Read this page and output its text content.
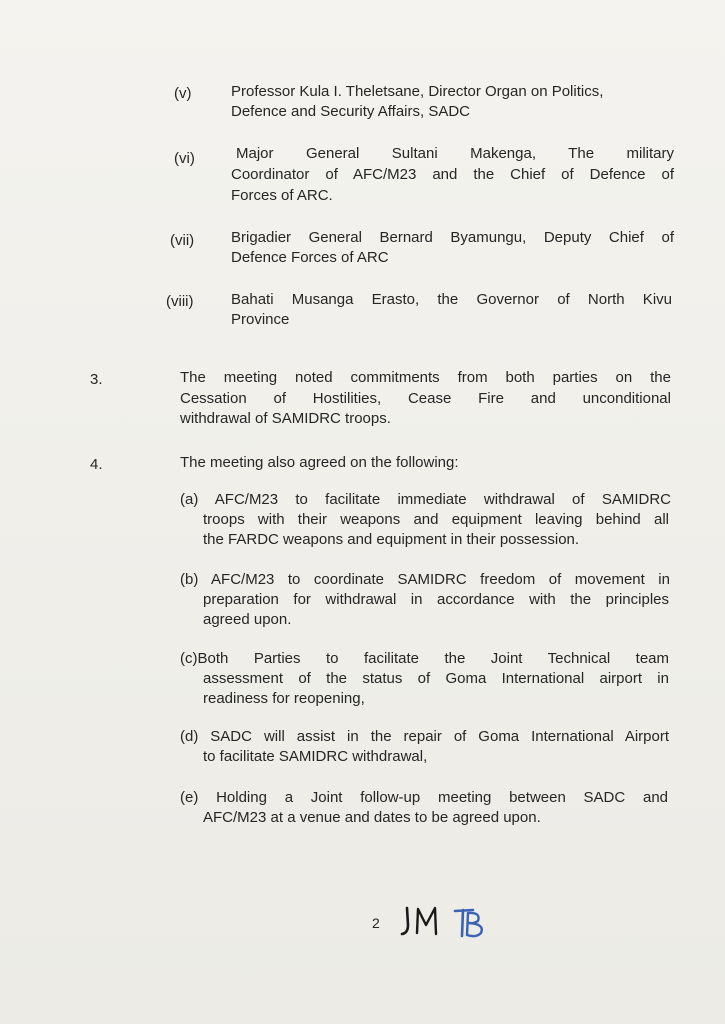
(v)	Professor Kula I. Theletsane, Director Organ on Politics,
Defence and Security Affairs, SADC
(vi)	Major General Sultani Makenga, The military
Coordinator of AFC/M23 and the Chief of Defence of
Forces of ARC.
(vii) Brigadier General Bernard Byamungu, Deputy Chief of
Defence Forces of ARC
(viii)	Bahati Musanga Erasto, the Governor of North Kivu
Province
3.	The meeting noted commitments from both parties on the
Cessation of Hostilities, Cease Fire and unconditional
withdrawal of SAMIDRC troops.
4.	The meeting also agreed on the following:
(a) AFC/M23 to facilitate immediate withdrawal of SAMIDRC
troops with their weapons and equipment leaving behind all
the FARDC weapons and equipment in their possession.
(b) AFC/M23 to coordinate SAMIDRC freedom of movement in
preparation for withdrawal in accordance with the principles
agreed upon.
(c)Both Parties to facilitate the Joint Technical team
assessment of the status of Goma International airport in
readiness for reopening,
(d) SADC will assist in the repair of Goma International Airport
to facilitate SAMIDRC withdrawal,
(e) Holding a Joint follow-up meeting between SADC and
AFC/M23 at a venue and dates to be agreed upon.
2
